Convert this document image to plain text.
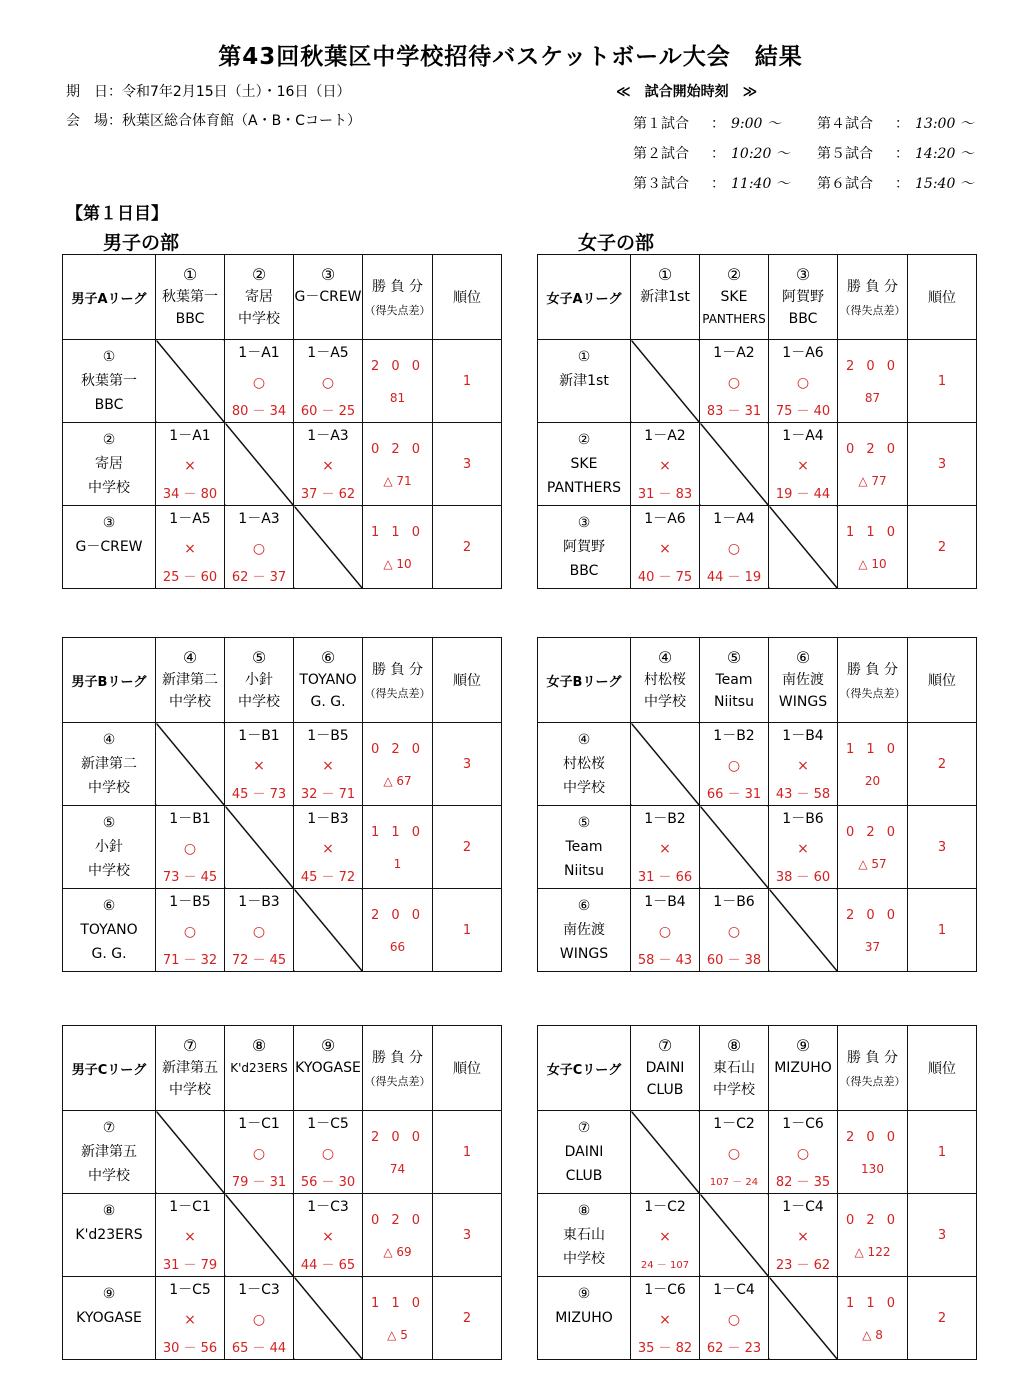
第43回秋葉区中学校招待バスケットボール大会　結果
期　日：令和7年2月15日（土）・16日（日）
会　場：秋葉区総合体育館（A・B・Cコート）
≪　試合開始時刻　≫
第１試合	： 9:00 ～
第２試合	： 10:20 ～
第３試合	： 11:40 ～
第４試合	： 13:00 ～
第５試合	： 14:20 ～
第６試合	： 15:40 ～
【第１日目】
男子の部	女子の部
男子Aリーグ	①
秋葉第一
BBC	②
寄居
中学校	③
G－CREW	勝 負 分
（得失点差）	順位

①
秋葉第一
BBC		1－A1
○
80 － 34	1－A5
○
60 － 25	2 0 0
81	1

②
寄居
中学校	1－A1
×
34 － 80		1－A3
×
37 － 62	0 2 0
△ 71	3

③
G－CREW	1－A5
×
25 － 60	1－A3
○
62 － 37		1 1 0
△ 10	2
女子Aリーグ	①
新津1st	②
SKE
PANTHERS	③
阿賀野
BBC	勝 負 分
（得失点差）	順位

①
新津1st		1－A2
○
83 － 31	1－A6
○
75 － 40	2 0 0
87	1

②
SKE
PANTHERS	1－A2
×
31 － 83		1－A4
×
19 － 44	0 2 0
△ 77	3

③
阿賀野
BBC	1－A6
×
40 － 75	1－A4
○
44 － 19		1 1 0
△ 10	2
男子Bリーグ	④
新津第二
中学校	⑤
小針
中学校	⑥
TOYANO
G. G.	勝 負 分
（得失点差）	順位

④
新津第二
中学校		1－B1
×
45 － 73	1－B5
×
32 － 71	0 2 0
△ 67	3

⑤
小針
中学校	1－B1
○
73 － 45		1－B3
×
45 － 72	1 1 0
1	2

⑥
TOYANO
G. G.	1－B5
○
71 － 32	1－B3
○
72 － 45		2 0 0
66	1
女子Bリーグ	④
村松桜
中学校	⑤
Team
Niitsu	⑥
南佐渡
WINGS	勝 負 分
（得失点差）	順位

④
村松桜
中学校		1－B2
○
66 － 31	1－B4
×
43 － 58	1 1 0
20	2

⑤
Team
Niitsu	1－B2
×
31 － 66		1－B6
×
38 － 60	0 2 0
△ 57	3

⑥
南佐渡
WINGS	1－B4
○
58 － 43	1－B6
○
60 － 38		2 0 0
37	1
男子Cリーグ	⑦
新津第五
中学校	⑧
K'd23ERS	⑨
KYOGASE	勝 負 分
（得失点差）	順位

⑦
新津第五
中学校		1－C1
○
79 － 31	1－C5
○
56 － 30	2 0 0
74	1

⑧
K'd23ERS	1－C1
×
31 － 79		1－C3
×
44 － 65	0 2 0
△ 69	3

⑨
KYOGASE	1－C5
×
30 － 56	1－C3
○
65 － 44		1 1 0
△ 5	2
女子Cリーグ	⑦
DAINI
CLUB	⑧
東石山
中学校	⑨
MIZUHO	勝 負 分
（得失点差）	順位

⑦
DAINI
CLUB		1－C2
○
107 － 24	1－C6
○
82 － 35	2 0 0
130	1

⑧
東石山
中学校	1－C2
×
24 － 107		1－C4
×
23 － 62	0 2 0
△ 122	3

⑨
MIZUHO	1－C6
×
35 － 82	1－C4
○
62 － 23		1 1 0
△ 8	2
